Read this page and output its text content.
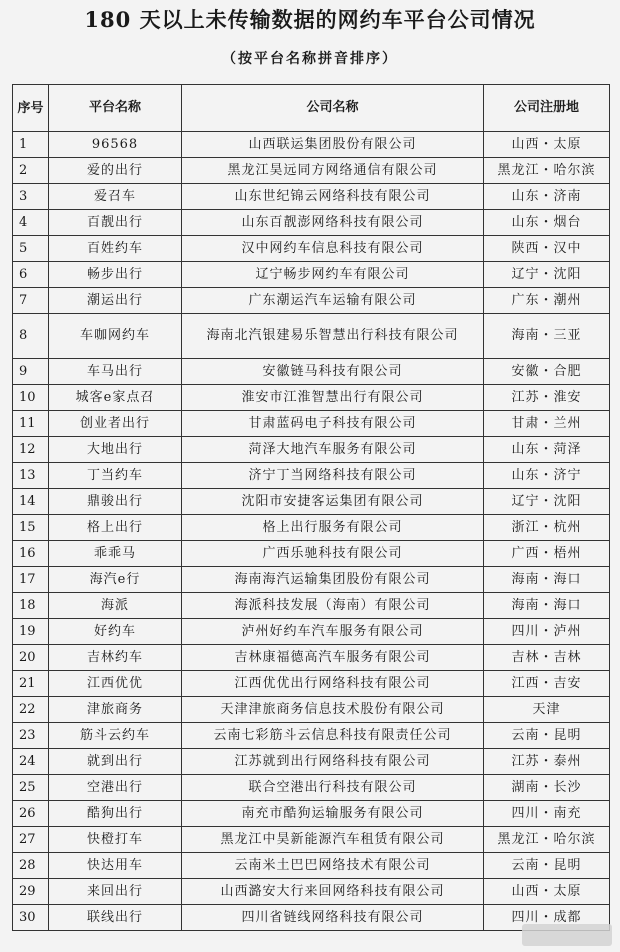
180 天以上未传输数据的网约车平台公司情况
（按平台名称拼音排序）
序号	平台名称	公司名称	公司注册地
1	96568	山西联运集团股份有限公司	山西・太原
2	爱的出行	黑龙江昊远同方网络通信有限公司	黑龙江・哈尔滨
3	爱召车	山东世纪锦云网络科技有限公司	山东・济南
4	百靓出行	山东百靓澎网络科技有限公司	山东・烟台
5	百姓约车	汉中网约车信息科技有限公司	陕西・汉中
6	畅步出行	辽宁畅步网约车有限公司	辽宁・沈阳
7	潮运出行	广东潮运汽车运输有限公司	广东・潮州
8	车咖网约车	海南北汽银建易乐智慧出行科技有限公司	海南・三亚
9	车马出行	安徽链马科技有限公司	安徽・合肥
10	城客e家点召	淮安市江淮智慧出行有限公司	江苏・淮安
11	创业者出行	甘肃蓝码电子科技有限公司	甘肃・兰州
12	大地出行	菏泽大地汽车服务有限公司	山东・菏泽
13	丁当约车	济宁丁当网络科技有限公司	山东・济宁
14	鼎骏出行	沈阳市安捷客运集团有限公司	辽宁・沈阳
15	格上出行	格上出行服务有限公司	浙江・杭州
16	乖乖马	广西乐驰科技有限公司	广西・梧州
17	海汽e行	海南海汽运输集团股份有限公司	海南・海口
18	海派	海派科技发展（海南）有限公司	海南・海口
19	好约车	泸州好约车汽车服务有限公司	四川・泸州
20	吉林约车	吉林康福德高汽车服务有限公司	吉林・吉林
21	江西优优	江西优优出行网络科技有限公司	江西・吉安
22	津旅商务	天津津旅商务信息技术股份有限公司	天津
23	筋斗云约车	云南七彩筋斗云信息科技有限责任公司	云南・昆明
24	就到出行	江苏就到出行网络科技有限公司	江苏・泰州
25	空港出行	联合空港出行科技有限公司	湖南・长沙
26	酷狗出行	南充市酷狗运输服务有限公司	四川・南充
27	快橙打车	黑龙江中昊新能源汽车租赁有限公司	黑龙江・哈尔滨
28	快达用车	云南米土巴巴网络技术有限公司	云南・昆明
29	来回出行	山西潞安大行来回网络科技有限公司	山西・太原
30	联线出行	四川省链线网络科技有限公司	四川・成都
